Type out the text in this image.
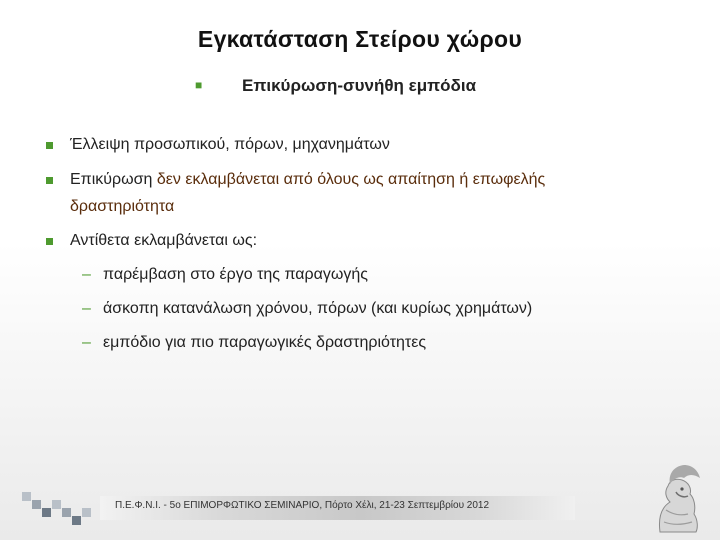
Εγκατάσταση Στείρου χώρου
■ Επικύρωση-συνήθη εμπόδια
Έλλειψη προσωπικού, πόρων, μηχανημάτων
Επικύρωση δεν εκλαμβάνεται από όλους ως απαίτηση ή επωφελής
δραστηριότητα
Αντίθετα εκλαμβάνεται ως:
– παρέμβαση στο έργο της παραγωγής
– άσκοπη κατανάλωση χρόνου, πόρων (και κυρίως χρημάτων)
– εμπόδιο για πιο παραγωγικές δραστηριότητες
Π.Ε.Φ.Ν.Ι. - 5ο ΕΠΙΜΟΡΦΩΤΙΚΟ ΣΕΜΙΝΑΡΙΟ, Πόρτο Χέλι, 21-23 Σεπτεμβρίου 2012
